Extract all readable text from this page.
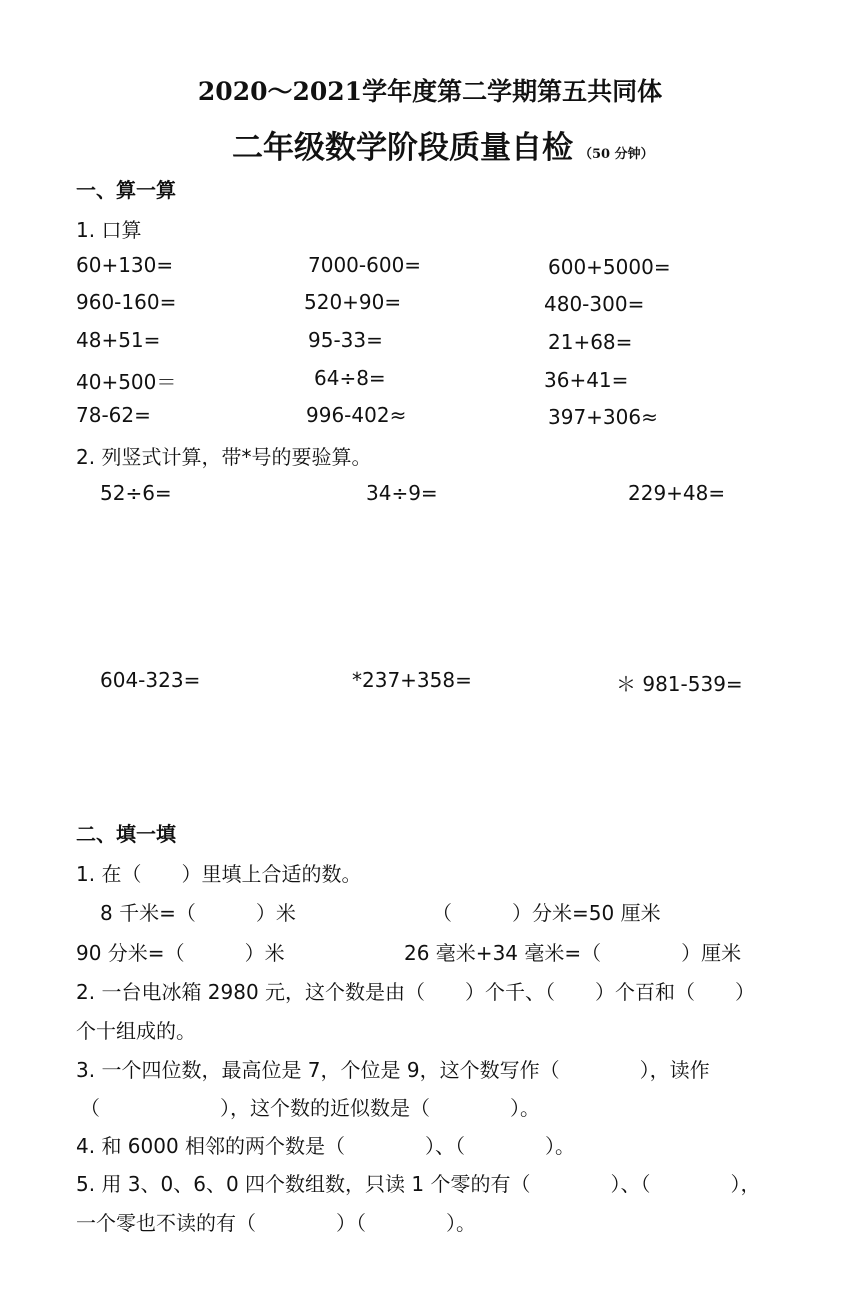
2020～2021学年度第二学期第五共同体
二年级数学阶段质量自检 （50 分钟）
一、算一算
1. 口算
60+130=	7000-600=	600+5000=
960-160=	520+90=	480-300=
48+51=	95-33=	21+68=
40+500＝	64÷8=	36+41=
78-62=	996-402≈	397+306≈
2. 列竖式计算，带*号的要验算。
52÷6=	34÷9=	229+48=
604-323=	*237+358=	＊ 981-539=
二、填一填
1. 在（　　）里填上合适的数。
8 千米=（　　　）米	（　　　）分米=50 厘米
90 分米=（　　　）米	26 毫米+34 毫米=（　　　　）厘米
2. 一台电冰箱 2980 元，这个数是由（　　）个千、（　　）个百和（　　）
个十组成的。
3. 一个四位数，最高位是 7，个位是 9，这个数写作（　　　　），读作
（　　　　　　），这个数的近似数是（　　　　）。
4. 和 6000 相邻的两个数是（　　　　）、（　　　　）。
5. 用 3、0、6、0 四个数组数，只读 1 个零的有（　　　　）、（　　　　），
一个零也不读的有（　　　　）（　　　　）。
